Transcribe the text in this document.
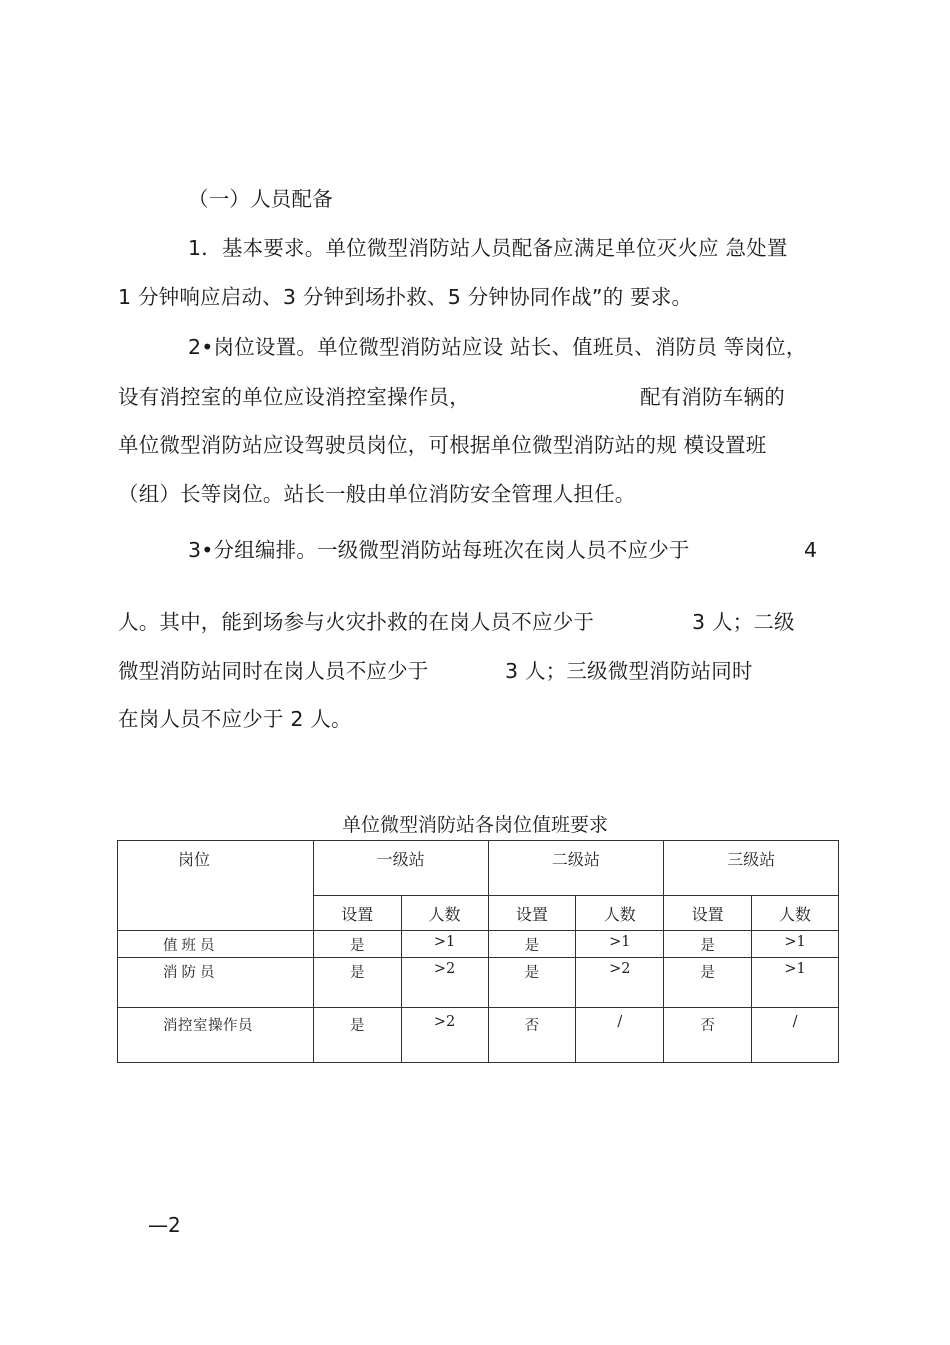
（一）人员配备
1．基本要求。单位微型消防站人员配备应满足单位灭火应 急处置
1 分钟响应启动、3 分钟到场扑救、5 分钟协同作战”的 要求。
2•岗位设置。单位微型消防站应设 站长、值班员、消防员 等岗位，
设有消控室的单位应设消控室操作员，	配有消防车辆的
单位微型消防站应设驾驶员岗位，可根据单位微型消防站的规 模设置班
（组）长等岗位。站长一般由单位消防安全管理人担任。
3•分组编排。一级微型消防站每班次在岗人员不应少于	4
人。其中，能到场参与火灾扑救的在岗人员不应少于	3 人；二级
微型消防站同时在岗人员不应少于	3 人；三级微型消防站同时
在岗人员不应少于 2 人。
单位微型消防站各岗位值班要求
岗位	一级站		二级站		三级站	
	设置	人数	设置	人数	设置	人数
值班员	是	>1	是	>1	是	>1
消防员	是	>2	是	>2	是	>1
消控室操作员	是	>2	否	/	否	/
—2
